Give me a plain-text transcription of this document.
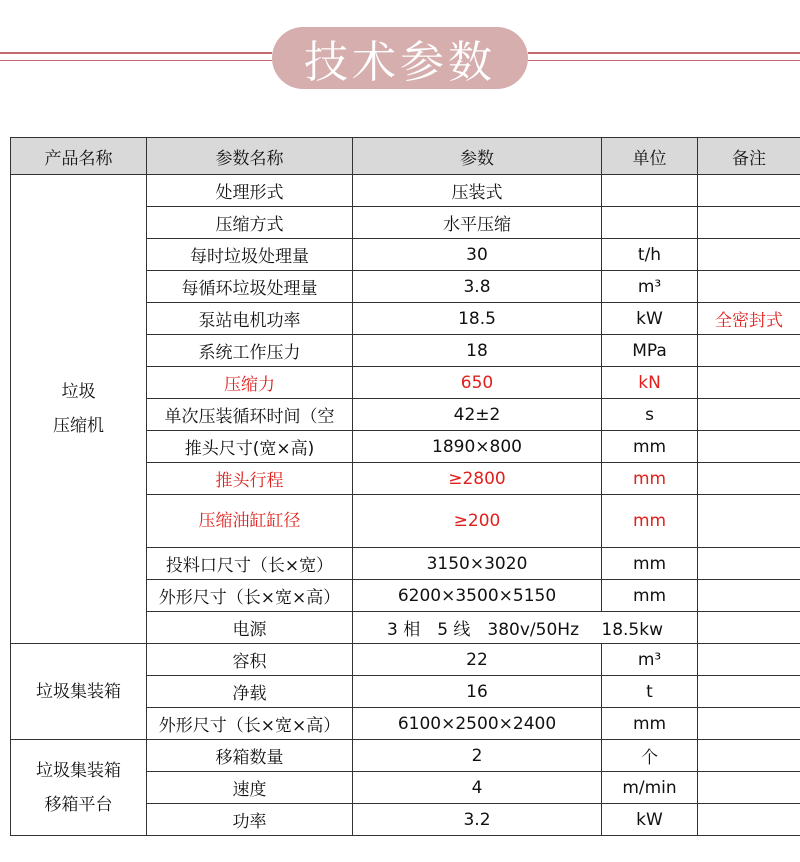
技术参数
产品名称	参数名称	参数	单位	备注

垃圾
压缩机	处理形式	压装式		
	压缩方式	水平压缩		
	每时垃圾处理量	30	t/h	
	每循环垃圾处理量	3.8	m³	
	泵站电机功率	18.5	kW	全密封式
	系统工作压力	18	MPa	
	压缩力	650	kN	
	单次压装循环时间（空	42±2	s	
	推头尺寸(宽×高)	1890×800	mm	
	推头行程	≥2800	mm	
	压缩油缸缸径	≥200	mm	
	投料口尺寸（长×宽）	3150×3020	mm	
	外形尺寸（长×宽×高）	6200×3500×5150	mm	
	电源	3 相　5 线　380v/50Hz　 18.5kw		

垃圾集装箱	容积	22	m³	
	净载	16	t	
	外形尺寸（长×宽×高）	6100×2500×2400	mm	

垃圾集装箱
移箱平台	移箱数量	2	个	
	速度	4	m/min	
	功率	3.2	kW	
